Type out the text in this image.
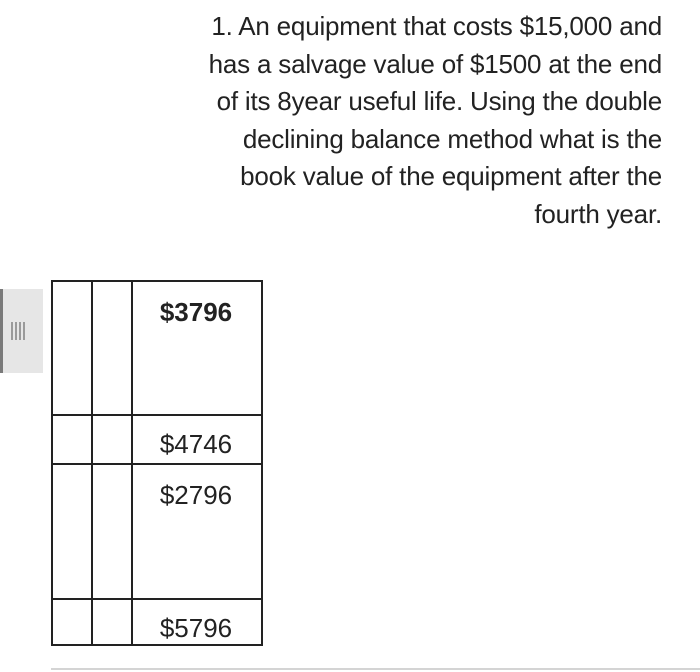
1. An equipment that costs $15,000 and
has a salvage value of $1500 at the end
of its 8year useful life. Using the double
declining balance method what is the
book value of the equipment after the
fourth year.
$3796
$4746
$2796
$5796
